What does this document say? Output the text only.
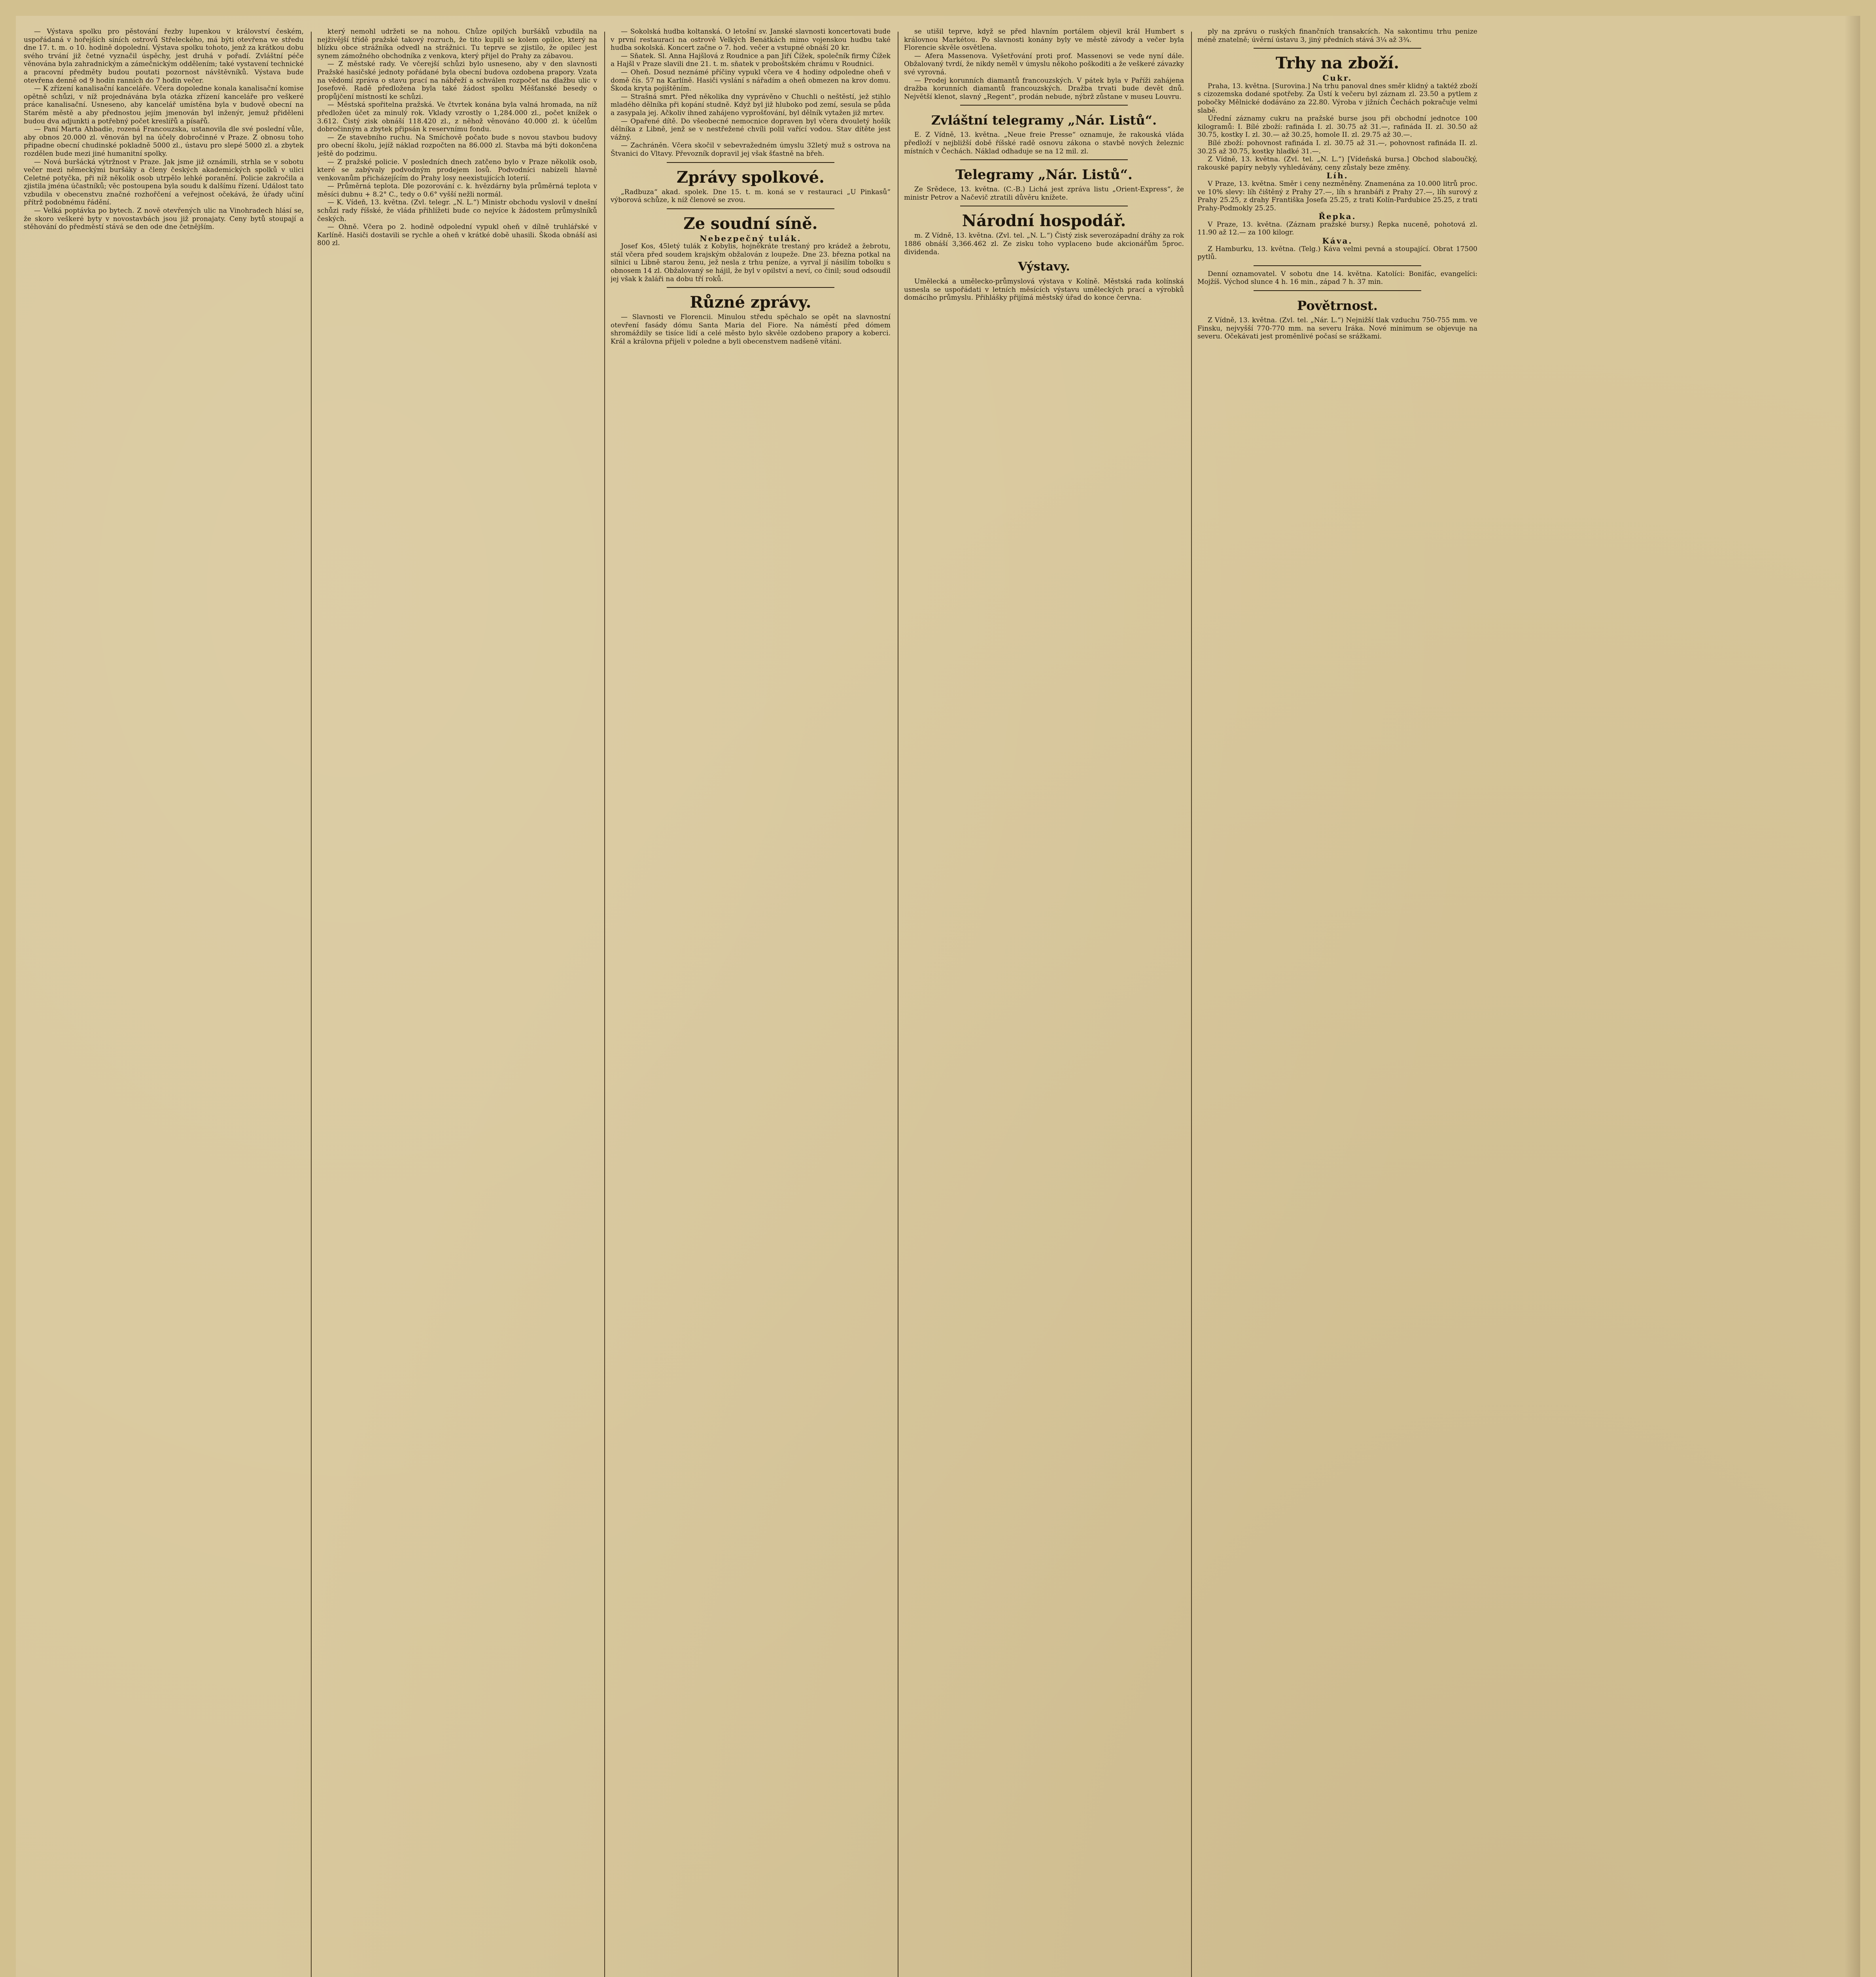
— Výstava spolku pro pěstování řezby lupenkou v království českém, uspořádaná v hořejších síních ostrovů Střeleckého, má býti otevřena ve středu dne 17. t. m. o 10. hodině dopolední. Výstava spolku tohoto, jenž za krátkou dobu svého trvání již četné vyznačil úspěchy, jest druhá v pořadí. Zvláštní péče věnována byla zahradnickým a zámečnickým oddělením; také vystavení technické a pracovní předměty budou poutati pozornost návštěvníků. Výstava bude otevřena denně od 9 hodin ranních do 7 hodin večer.

— K zřízení kanalisační kanceláře. Včera dopoledne konala kanalisační komise opětně schůzi, v níž projednávána byla otázka zřízení kanceláře pro veškeré práce kanalisační. Usneseno, aby kancelář umístěna byla v budově obecní na Starém městě a aby přednostou jejím jmenován byl inženýr, jemuž přiděleni budou dva adjunkti a potřebný počet kreslířů a písařů.

— Paní Marta Ahbadie, rozená Francouzska, ustanovila dle své poslední vůle, aby obnos 20.000 zl. věnován byl na účely dobročinné v Praze. Z obnosu toho připadne obecní chudinské pokladně 5000 zl., ústavu pro slepé 5000 zl. a zbytek rozdělen bude mezi jiné humanitní spolky.

— Nová buršácká výtržnost v Praze. Jak jsme již oznámili, strhla se v sobotu večer mezi německými buršáky a členy českých akademických spolků v ulici Celetné potyčka, při níž několik osob utrpělo lehké poranění. Policie zakročila a zjistila jména účastníků; věc postoupena byla soudu k dalšímu řízení. Událost tato vzbudila v obecenstvu značné rozhořčení a veřejnost očekává, že úřady učiní přítrž podobnému řádění.

— Velká poptávka po bytech. Z nově otevřených ulic na Vinohradech hlásí se, že skoro veškeré byty v novostavbách jsou již pronajaty. Ceny bytů stoupají a stěhování do předměstí stává se den ode dne četnějším.

který nemohl udržeti se na nohou. Chůze opilých buršáků vzbudila na nejživější třídě pražské takový rozruch, že tito kupili se kolem opilce, který na blízku obce strážníka odvedl na strážnici. Tu teprve se zjistilo, že opilec jest synem zámožného obchodníka z venkova, který přijel do Prahy za zábavou.

— Z městské rady. Ve včerejší schůzi bylo usneseno, aby v den slavnosti Pražské hasičské jednoty pořádané byla obecní budova ozdobena prapory. Vzata na vědomí zpráva o stavu prací na nábřeží a schválen rozpočet na dlažbu ulic v Josefově. Radě předložena byla také žádost spolku Měšťanské besedy o propůjčení místností ke schůzi.

— Městská spořitelna pražská. Ve čtvrtek konána byla valná hromada, na níž předložen účet za minulý rok. Vklady vzrostly o 1,284.000 zl., počet knížek o 3.612. Čistý zisk obnáší 118.420 zl., z něhož věnováno 40.000 zl. k účelům dobročinným a zbytek připsán k reservnímu fondu.

— Ze stavebního ruchu. Na Smíchově počato bude s novou stavbou budovy pro obecní školu, jejíž náklad rozpočten na 86.000 zl. Stavba má býti dokončena ještě do podzimu.

— Z pražské policie. V posledních dnech zatčeno bylo v Praze několik osob, které se zabývaly podvodným prodejem losů. Podvodníci nabízeli hlavně venkovanům přicházejícím do Prahy losy neexistujících loterií.

— Průměrná teplota. Dle pozorování c. k. hvězdárny byla průměrná teplota v měsíci dubnu + 8.2° C., tedy o 0.6° vyšší nežli normál.

— K. Vídeň, 13. května. (Zvl. telegr. „N. L.“) Ministr obchodu vyslovil v dnešní schůzi rady říšské, že vláda přihlížeti bude co nejvíce k žádostem průmyslníků českých.

— Ohně. Včera po 2. hodině odpolední vypukl oheň v dílně truhlářské v Karlíně. Hasiči dostavili se rychle a oheň v krátké době uhasili. Škoda obnáší asi 800 zl.

— Sokolská hudba koltanská. O letošní sv. Janské slavnosti koncertovati bude v první restauraci na ostrově Velkých Benátkách mimo vojenskou hudbu také hudba sokolská. Koncert začne o 7. hod. večer a vstupné obnáší 20 kr.

— Sňatek. Sl. Anna Hajšlová z Roudnice a pan Jiří Čížek, společník firmy Čížek a Hajšl v Praze slavili dne 21. t. m. sňatek v proboštském chrámu v Roudnici.

— Oheň. Dosud neznámé příčiny vypukl včera ve 4 hodiny odpoledne oheň v domě čís. 57 na Karlíně. Hasiči vyslání s nářadím a oheň obmezen na krov domu. Škoda kryta pojištěním.

— Strašná smrt. Před několika dny vyprávěno v Chuchli o neštěstí, jež stihlo mladého dělníka při kopání studně. Když byl již hluboko pod zemí, sesula se půda a zasypala jej. Ačkoliv ihned zahájeno vyprošťování, byl dělník vytažen již mrtev.

— Opařené dítě. Do všeobecné nemocnice dopraven byl včera dvouletý hošík dělníka z Libně, jenž se v nestřežené chvíli polil vařící vodou. Stav dítěte jest vážný.

— Zachráněn. Včera skočil v sebevražedném úmyslu 32letý muž s ostrova na Štvanici do Vltavy. Převozník dopravil jej však šťastně na břeh.

Zprávy spolkové.

„Radbuza“ akad. spolek. Dne 15. t. m. koná se v restauraci „U Pinkasů“ výborová schůze, k níž členové se zvou.

Ze soudní síně.

Nebezpečný tulák.

Josef Kos, 45letý tulák z Kobylis, hojněkráte trestaný pro krádež a žebrotu, stál včera před soudem krajským obžalován z loupeže. Dne 23. března potkal na silnici u Libně starou ženu, jež nesla z trhu peníze, a vyrval jí násilím tobolku s obnosem 14 zl. Obžalovaný se hájil, že byl v opilství a neví, co činil; soud odsoudil jej však k žaláři na dobu tří roků.

Různé zprávy.

— Slavnosti ve Florencii. Minulou středu spěchalo se opět na slavnostní otevření fasády dómu Santa Maria del Fiore. Na náměstí před dómem shromáždily se tisíce lidí a celé město bylo skvěle ozdobeno prapory a koberci. Král a královna přijeli v poledne a byli obecenstvem nadšeně vítáni.

se utišil teprve, když se před hlavním portálem objevil král Humbert s královnou Markétou. Po slavnosti konány byly ve městě závody a večer byla Florencie skvěle osvětlena.

— Afera Massenova. Vyšetřování proti prof. Massenovi se vede nyní dále. Obžalovaný tvrdí, že nikdy neměl v úmyslu někoho poškoditi a že veškeré závazky své vyrovná.

— Prodej korunních diamantů francouzských. V pátek byla v Paříži zahájena dražba korunních diamantů francouzských. Dražba trvati bude devět dnů. Největší klenot, slavný „Regent“, prodán nebude, nýbrž zůstane v museu Louvru.

Zvláštní telegramy „Nár. Listů“.

E. Z Vídně, 13. května. „Neue freie Presse“ oznamuje, že rakouská vláda předloží v nejbližší době říšské radě osnovu zákona o stavbě nových železnic místních v Čechách. Náklad odhaduje se na 12 mil. zl.

Telegramy „Nár. Listů“.

Ze Srědece, 13. května. (C.-B.) Lichá jest zpráva listu „Orient-Express“, že ministr Petrov a Načevič ztratili důvěru knížete.

Národní hospodář.

m. Z Vídně, 13. května. (Zvl. tel. „N. L.“) Čistý zisk severozápadní dráhy za rok 1886 obnáší 3,366.462 zl. Ze zisku toho vyplaceno bude akcionářům 5proc. dividenda.

Výstavy.

Umělecká a umělecko-průmyslová výstava v Kolíně. Městská rada kolínská usnesla se uspořádati v letních měsících výstavu uměleckých prací a výrobků domácího průmyslu. Přihlášky přijímá městský úřad do konce června.

ply na zprávu o ruských finančních transakcích. Na sakontimu trhu penize méně znatelně; úvěrní ústavu 3, jiný předních stává 3¼ až 3¾.

Trhy na zboží.

Cukr.

Praha, 13. května. [Surovina.] Na trhu panoval dnes směr klidný a taktéž zboží s cizozemska dodané spotřeby. Za Ústí k večeru byl záznam zl. 23.50 a pytlem z pobočky Mělnické dodáváno za 22.80. Výroba v jižních Čechách pokračuje velmi slabě.

Úřední záznamy cukru na pražské burse jsou při obchodní jednotce 100 kilogramů: I. Bílé zboží: rafináda I. zl. 30.75 až 31.—, rafináda II. zl. 30.50 až 30.75, kostky I. zl. 30.— až 30.25, homole II. zl. 29.75 až 30.—.

Bílé zboží: pohovnost rafináda I. zl. 30.75 až 31.—, pohovnost rafináda II. zl. 30.25 až 30.75, kostky hladké 31.—.

Z Vídně, 13. května. (Zvl. tel. „N. L.“) [Vídeňská bursa.] Obchod slaboučký, rakouské papíry nebyly vyhledávány, ceny zůstaly beze změny.

Líh.

V Praze, 13. května. Směr i ceny nezměněny. Znamenána za 10.000 litrů proc. ve 10% slevy: líh čištěný z Prahy 27.—, líh s hranbáři z Prahy 27.—, líh surový z Prahy 25.25, z drahy Františka Josefa 25.25, z trati Kolín-Pardubice 25.25, z trati Prahy-Podmokly 25.25.

Řepka.

V Praze, 13. května. (Záznam pražské bursy.) Řepka nuceně, pohotová zl. 11.90 až 12.— za 100 kilogr.

Káva.

Z Hamburku, 13. května. (Telg.) Káva velmi pevná a stoupající. Obrat 17500 pytlů.

Denní oznamovatel. V sobotu dne 14. května. Katolíci: Bonifác, evangelíci: Mojžíš. Východ slunce 4 h. 16 min., západ 7 h. 37 min.

Povětrnost.

Z Vídně, 13. května. (Zvl. tel. „Nár. L.“) Nejnižší tlak vzduchu 750-755 mm. ve Finsku, nejvyšší 770-770 mm. na severu Iráka. Nové minimum se objevuje na severu. Očekávati jest proměnlivé počasí se srážkami.
